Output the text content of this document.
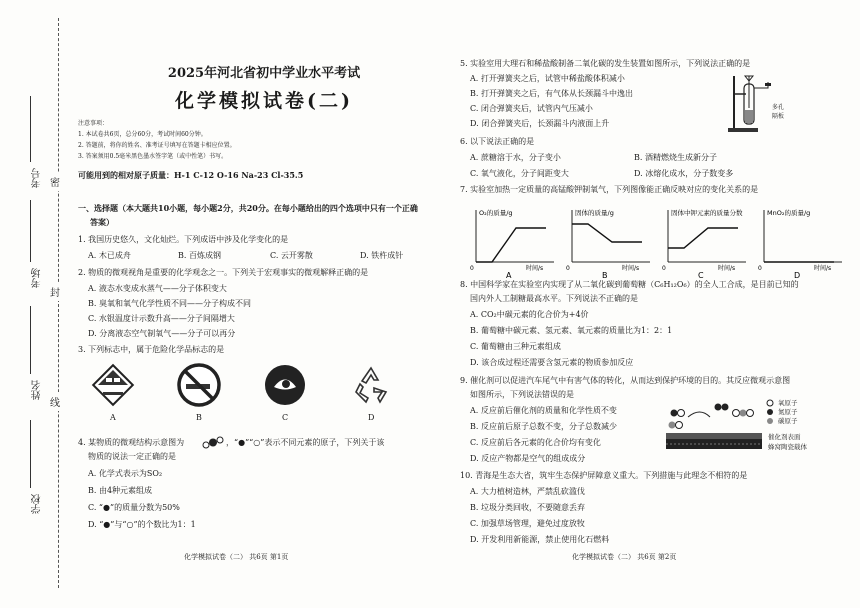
密
封
线
考号
考场
姓名
学校
2025年河北省初中学业水平考试
化学模拟试卷(二)
注意事项：
1. 本试卷共6页，总分60分，考试时间60分钟。
2. 答题前，将你的姓名、准考证号填写在答题卡相应位置。
3. 答案须用0.5毫米黑色墨水签字笔（或中性笔）书写。
可能用到的相对原子质量：H-1 C-12 O-16 Na-23 Cl-35.5
一、选择题（本大题共10小题，每小题2分，共20分。在每小题给出的四个选项中只有一个正确
答案）
1. 我国历史悠久，文化灿烂。下列成语中涉及化学变化的是
A. 木已成舟	B. 百炼成钢	C. 云开雾散	D. 铁杵成针
2. 物质的微观视角是重要的化学观念之一。下列关于宏观事实的微观解释正确的是
A. 液态水变成水蒸气——分子体积变大
B. 臭氧和氧气化学性质不同——分子构成不同
C. 水银温度计示数升高——分子间隔增大
D. 分离液态空气制氧气——分子可以再分
3. 下列标志中，属于危险化学品标志的是
A	B	C	D
4. 某物质的微观结构示意图为	，“●”“○”表示不同元素的原子，下列关于该
物质的说法一定正确的是
A. 化学式表示为SO₂
B. 由4种元素组成
C. “●”的质量分数为50%
D. “●”与“○”的个数比为1：1
化学模拟试卷（二） 共6页 第1页
5. 实验室用大理石和稀盐酸制备二氧化碳的发生装置如图所示，下列说法正确的是
A. 打开弹簧夹之后，试管中稀盐酸体积减小
B. 打开弹簧夹之后，有气体从长颈漏斗中逸出
C. 闭合弹簧夹后，试管内气压减小
D. 闭合弹簧夹后，长颈漏斗内液面上升
多孔
隔板
6. 以下说法正确的是
A. 蔗糖溶于水，分子变小	B. 酒精燃烧生成新分子
C. 氧气液化，分子间距变大	D. 冰熔化成水，分子数变多
7. 实验室加热一定质量的高锰酸钾制氧气，下列图像能正确反映对应的变化关系的是
O₂的质量/g
时间/s
0
A
固体的质量/g
时间/s
0
B
固体中钾元素的质量分数
时间/s
0
C
MnO₂的质量/g
时间/s
0
D
8. 中国科学家在实验室内实现了从二氧化碳到葡萄糖（C₆H₁₂O₆）的全人工合成，是目前已知的
国内外人工制糖最高水平。下列说法不正确的是
A. CO₂中碳元素的化合价为+4价
B. 葡萄糖中碳元素、氢元素、氧元素的质量比为1：2：1
C. 葡萄糖由三种元素组成
D. 该合成过程还需要含氢元素的物质参加反应
9. 催化剂可以促进汽车尾气中有害气体的转化，从而达到保护环境的目的。其反应微观示意图
如图所示，下列说法错误的是
A. 反应前后催化剂的质量和化学性质不变
B. 反应前后原子总数不变，分子总数减少
C. 反应前后各元素的化合价均有变化
D. 反应产物都是空气的组成成分
氧原子
氮原子
碳原子
催化剂表面
蜂窝陶瓷载体
10. 青海是生态大省，筑牢生态保护屏障意义重大。下列措施与此理念不相符的是
A. 大力植树造林，严禁乱砍滥伐
B. 垃圾分类回收，不要随意丢弃
C. 加强草场管理，避免过度放牧
D. 开发利用新能源，禁止使用化石燃料
化学模拟试卷（二） 共6页 第2页
